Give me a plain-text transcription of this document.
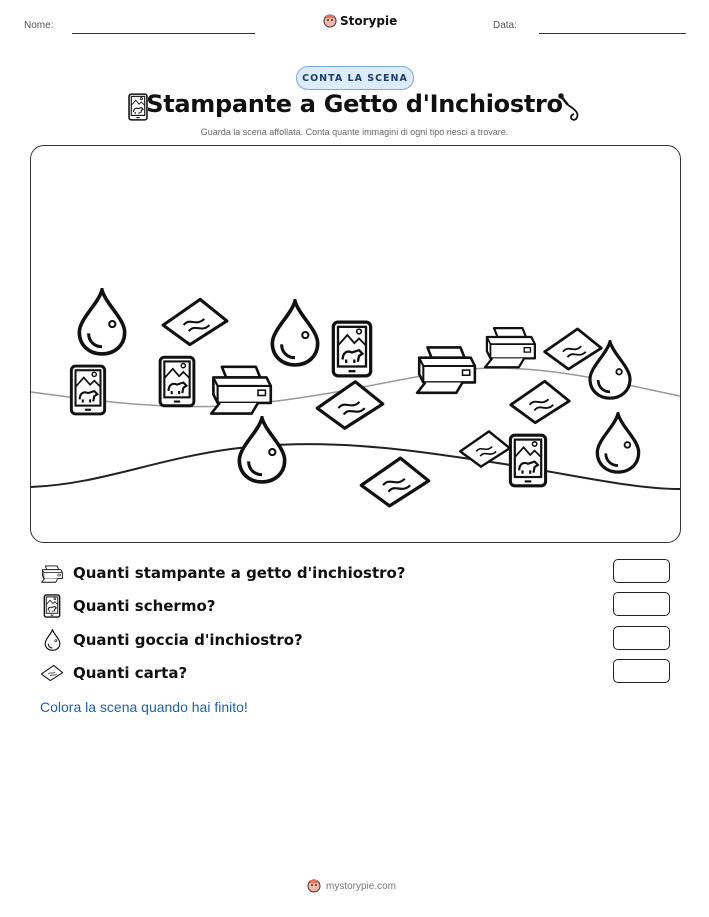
Nome:	Data:
Storypie
CONTA LA SCENA
Stampante a Getto d'Inchiostro
Guarda la scena affollata. Conta quante immagini di ogni tipo riesci a trovare.
Quanti stampante a getto d'inchiostro?
Quanti schermo?
Quanti goccia d'inchiostro?
Quanti carta?
Colora la scena quando hai finito!
mystorypie.com
